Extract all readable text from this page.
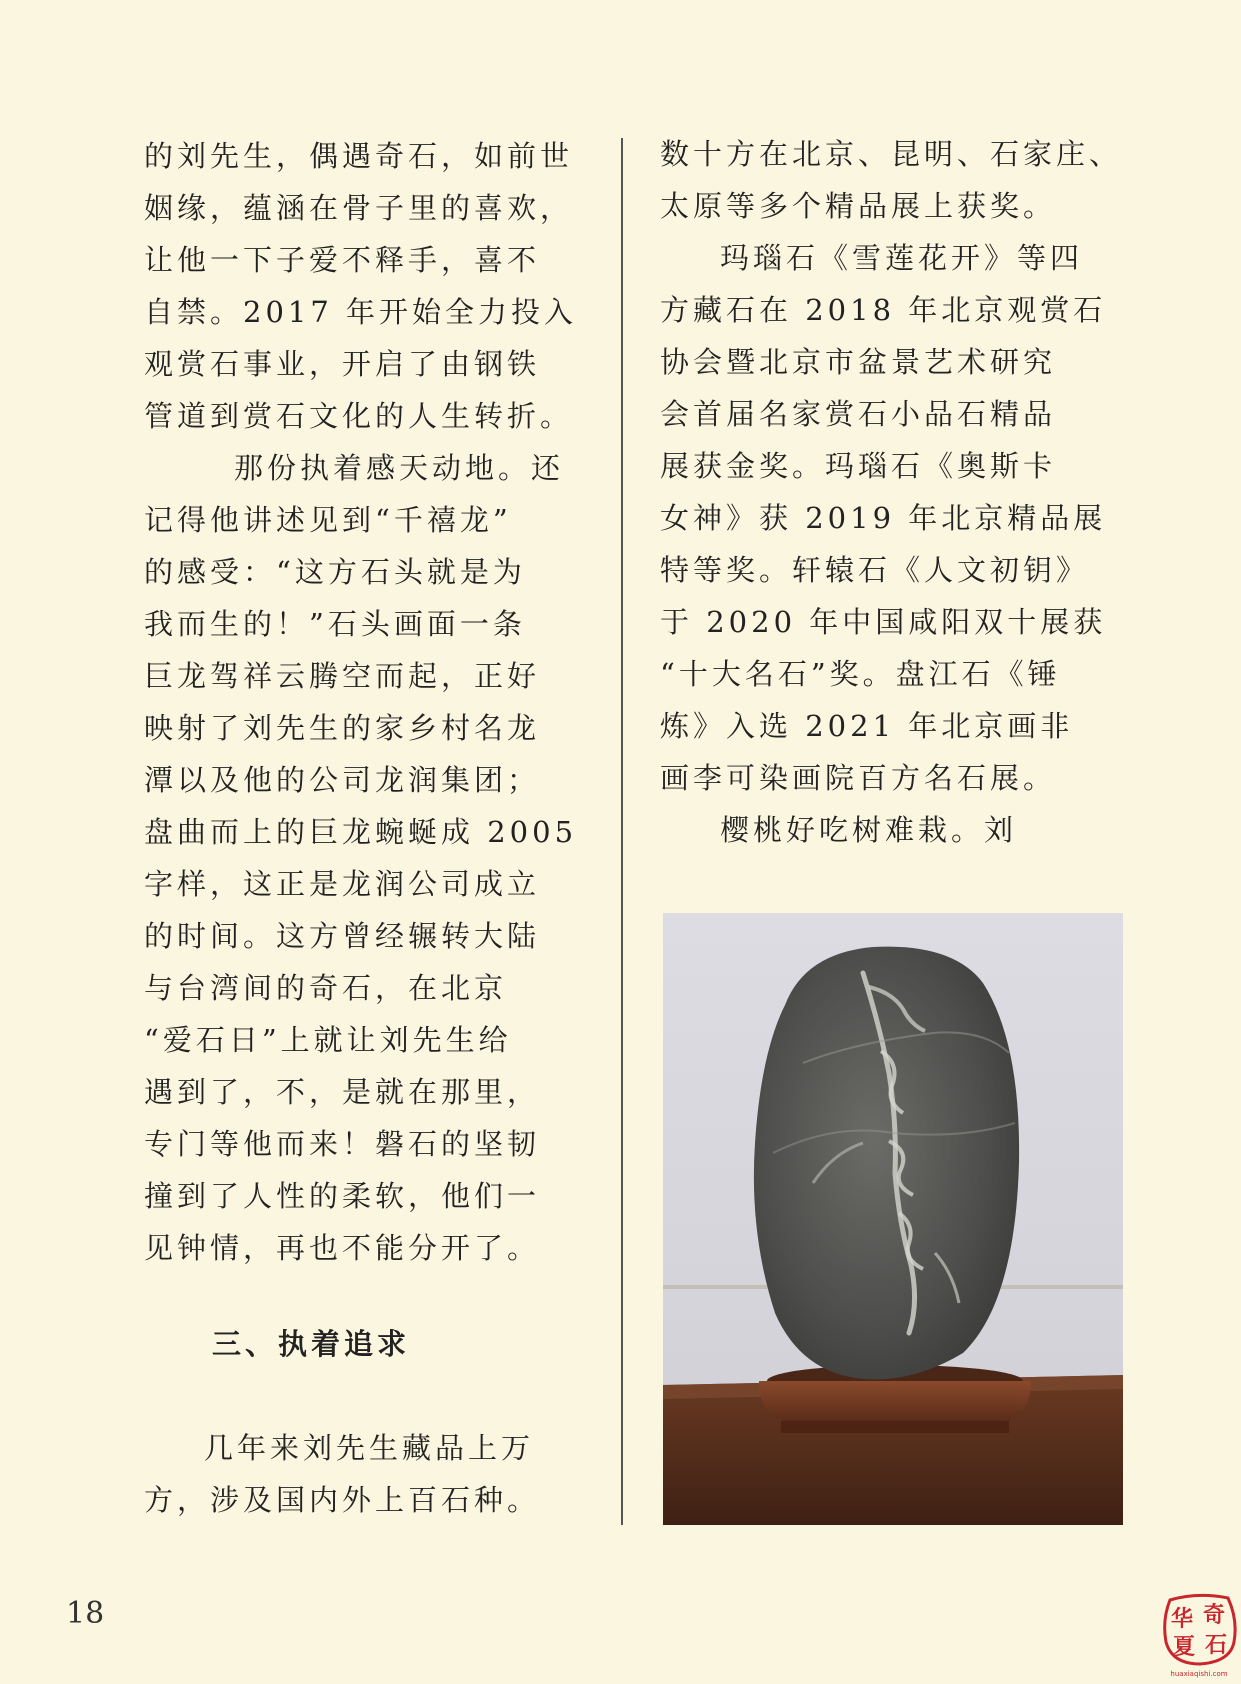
的刘先生，偶遇奇石，如前世

姻缘，蕴涵在骨子里的喜欢，

让他一下子爱不释手，喜不

自禁。2017 年开始全力投入

观赏石事业，开启了由钢铁

管道到赏石文化的人生转折。

那份执着感天动地。还

记得他讲述见到“千禧龙”

的感受：“这方石头就是为

我而生的！”石头画面一条

巨龙驾祥云腾空而起，正好

映射了刘先生的家乡村名龙

潭以及他的公司龙润集团；

盘曲而上的巨龙蜿蜒成 2005

字样，这正是龙润公司成立

的时间。这方曾经辗转大陆

与台湾间的奇石，在北京

“爱石日”上就让刘先生给

遇到了，不，是就在那里，

专门等他而来！磐石的坚韧

撞到了人性的柔软，他们一

见钟情，再也不能分开了。

三、执着追求

几年来刘先生藏品上万

方，涉及国内外上百石种。

数十方在北京、昆明、石家庄、

太原等多个精品展上获奖。

玛瑙石《雪莲花开》等四

方藏石在 2018 年北京观赏石

协会暨北京市盆景艺术研究

会首届名家赏石小品石精品

展获金奖。玛瑙石《奥斯卡

女神》获 2019 年北京精品展

特等奖。轩辕石《人文初钥》

于 2020 年中国咸阳双十展获

“十大名石”奖。盘江石《锤

炼》入选 2021 年北京画非

画李可染画院百方名石展。

樱桃好吃树难栽。刘

18	华 奇
夏 石
huaxiaqishi.com
